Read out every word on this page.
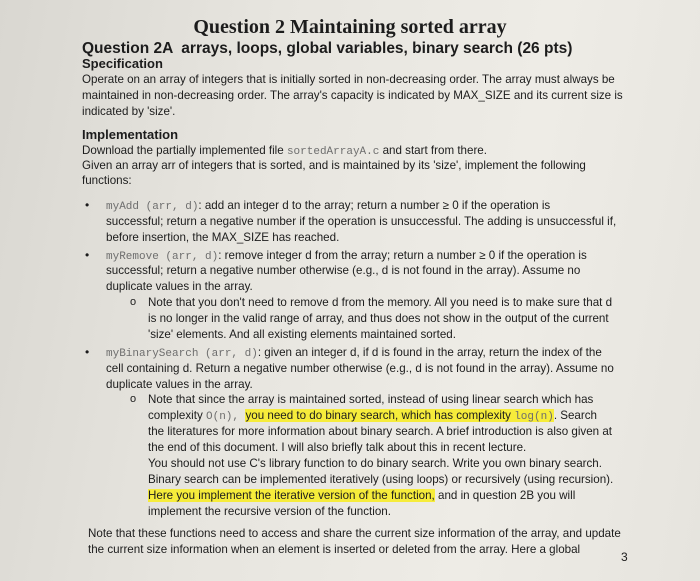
Question 2 Maintaining sorted array
Question 2A arrays, loops, global variables, binary search (26 pts)
Specification
Operate on an array of integers that is initially sorted in non-decreasing order. The array must always be
maintained in non-decreasing order. The array's capacity is indicated by MAX_SIZE and its current size is
indicated by 'size'.
Implementation
Download the partially implemented file sortedArrayA.c and start from there.
Given an array arr of integers that is sorted, and is maintained by its 'size', implement the following
functions:
• myAdd (arr, d): add an integer d to the array; return a number ≥ 0 if the operation is
successful; return a negative number if the operation is unsuccessful. The adding is unsuccessful if,
before insertion, the MAX_SIZE has reached.
• myRemove (arr, d): remove integer d from the array; return a number ≥ 0 if the operation is
successful; return a negative number otherwise (e.g., d is not found in the array). Assume no
duplicate values in the array.
o Note that you don't need to remove d from the memory. All you need is to make sure that d
is no longer in the valid range of array, and thus does not show in the output of the current
'size' elements. And all existing elements maintained sorted.
• myBinarySearch (arr, d): given an integer d, if d is found in the array, return the index of the
cell containing d. Return a negative number otherwise (e.g., d is not found in the array). Assume no
duplicate values in the array.
o Note that since the array is maintained sorted, instead of using linear search which has
complexity O(n), you need to do binary search, which has complexity log(n). Search
the literatures for more information about binary search. A brief introduction is also given at
the end of this document. I will also briefly talk about this in recent lecture.
You should not use C's library function to do binary search. Write you own binary search.
Binary search can be implemented iteratively (using loops) or recursively (using recursion).
Here you implement the iterative version of the function, and in question 2B you will
implement the recursive version of the function.
Note that these functions need to access and share the current size information of the array, and update
the current size information when an element is inserted or deleted from the array. Here a global
3
